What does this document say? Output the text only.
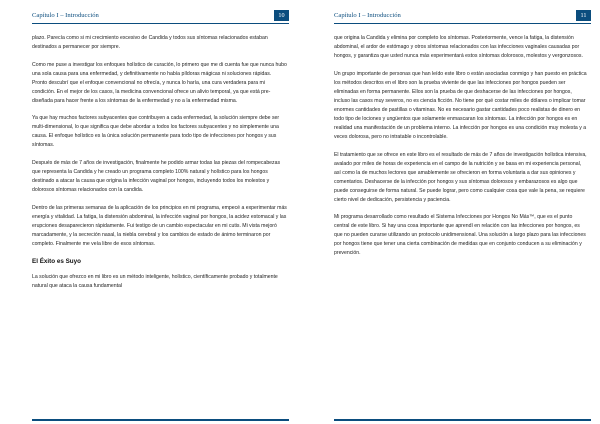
Capítulo I – Introducción	10

plazo. Parecía como si mi crecimiento excesivo de Candida y todos sus síntomas relacionados estaban destinados a permanecer por siempre.

Como me puse a investigar los enfoques holístico de curación, lo primero que me di cuenta fue que nunca hubo una sola causa para una enfermedad, y definitivamente no había píldoras mágicas ni soluciones rápidas. Pronto descubrí que el enfoque convencional no ofrecía, y nunca lo haría, una cura verdadera para mi condición. En el mejor de los casos, la medicina convencional ofrece un alivio temporal, ya que está pre-diseñada para hacer frente a los síntomas de la enfermedad y no a la enfermedad misma.

Ya que hay muchos factores subyacentes que contribuyen a cada enfermedad, la solución siempre debe ser multi-dimensional, lo que significa que debe abordar a todos los factores subyacentes y no simplemente una causa. El enfoque holístico es la única solución permanente para todo tipo de infecciones por hongos y sus síntomas.

Después de más de 7 años de investigación, finalmente he podido armar todas las piezas del rompecabezas que representa la Candida y he creado un programa completo 100% natural y holístico para los hongos destinado a atacar la causa que origina la infección vaginal por hongos, incluyendo todos los molestos y dolorosos síntomas relacionados con la candida.

Dentro de las primeras semanas de la aplicación de los principios en mi programa, empecé a experimentar más energía y vitalidad. La fatiga, la distensión abdominal, la infección vaginal por hongos, la acidez estomacal y las erupciones desaparecieron rápidamente. Fui testigo de un cambio espectacular en mi cutis. Mi vista mejoró marcadamente, y la secreción nasal, la niebla cerebral y los cambios de estado de ánimo terminaron por completo. Finalmente me veía libre de esos síntomas.

El Éxito es Suyo

La solución que ofrezco en mi libro es un método inteligente, holístico, científicamente probado y totalmente natural que ataca la causa fundamental

Capítulo I – Introducción	11

que origina la Candida y elimina por completo los síntomas. Posteriormente, vence la fatiga, la distensión abdominal, el ardor de estómago y otros síntomas relacionados con las infecciones vaginales causadas por hongos, y garantiza que usted nunca más experimentará estos síntomas dolorosos, molestos y vergonzosos.

Un grupo importante de personas que han leído este libro o están asociadas conmigo y han puesto en práctica los métodos descritos en el libro son la prueba viviente de que las infecciones por hongos pueden ser eliminadas en forma permanente. Ellos son la prueba de que deshacerse de las infecciones por hongos, incluso las casos muy severos, no es ciencia ficción. No tiene por qué costar miles de dólares o implicar tomar enormes cantidades de pastillas o vitaminas. No es necesario gastar cantidades poco realistas de dinero en todo tipo de lociones y ungüentos que solamente enmascaran los síntomas. La infección por hongos es en realidad una manifestación de un problema interno. La infección por hongos es una condición muy molesta y a veces dolorosa, pero no intratable o incontrolable.

El tratamiento que se ofrece en este libro es el resultado de más de 7 años de investigación holística intensiva, avalado por miles de horas de experiencia en el campo de la nutrición y se basa en mi experiencia personal, así como la de muchos lectores que amablemente se ofrecieron en forma voluntaria a dar sus opiniones y comentarios. Deshacerse de la infección por hongos y sus síntomas dolorosos y embarazosos es algo que puede conseguirse de forma natural. Se puede lograr, pero como cualquier cosa que vale la pena, se requiere cierto nivel de dedicación, persistencia y paciencia.

Mi programa desarrollado como resultado el Sistema Infecciones por Hongos No Más™, que es el punto central de este libro. Si hay una cosa importante que aprendí en relación con las infecciones por hongos, es que no pueden curarse utilizando un protocolo unidimensional. Una solución a largo plazo para las infecciones por hongos tiene que tener una cierta combinación de medidas que en conjunto conducen a su eliminación y prevención.
